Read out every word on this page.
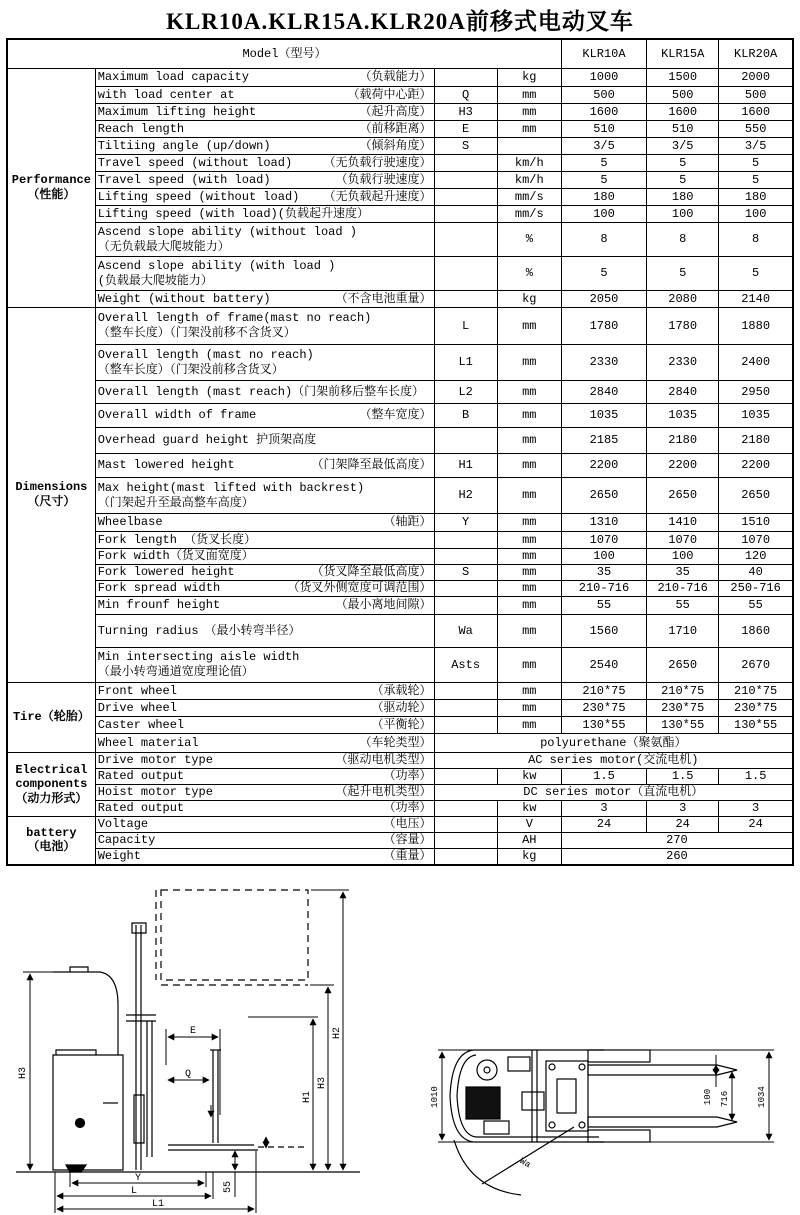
KLR10A.KLR15A.KLR20A前移式电动叉车
Model（型号）				KLR10A	KLR15A	KLR20A

Performance
（性能）

Maximum load capacity	（负载能力）		kg	1000	1500	2000

	with load center at （载荷中心距）	Q	mm	500	500	500

	Maximum lifting height （起升高度）	H3	mm	1600	1600	1600

	Reach length （前移距离）	E	mm	510	510	550

	Tiltiing angle (up/down) （倾斜角度）	S		3/5	3/5	3/5

	Travel speed (without load) （无负载行驶速度）		km/h	5	5	5

	Travel speed (with load) （负载行驶速度）		km/h	5	5	5

	Lifting speed (without load) （无负载起升速度）		mm/s	180	180	180

	Lifting speed (with load)(负载起升速度）		mm/s	100	100	100

	Ascend slope ability (without load )
（无负载最大爬坡能力）		%	8	8	8

	Ascend slope ability (with load )
(负载最大爬坡能力）		%	5	5	5

	Weight (without battery) （不含电池重量）		kg	2050	2080	2140

Dimensions
（尺寸）

Overall length of frame(mast no reach)
（整车长度）（门架没前移不含货叉）
	L	mm	1780	1780	1880

	Overall length (mast no reach)
（整车长度）（门架没前移含货叉）	L1	mm	2330	2330	2400

	Overall length (mast reach)（门架前移后整车长度）	L2	mm	2840	2840	2950

	Overall width of frame （整车宽度）	B	mm	1035	1035	1035

	Overhead guard height 护顶架高度		mm	2185	2180	2180

	Mast lowered height （门架降至最低高度）	H1	mm	2200	2200	2200

	Max height(mast lifted with backrest)
（门架起升至最高整车高度）	H2	mm	2650	2650	2650

	Wheelbase （轴距）	Y	mm	1310	1410	1510

	Fork length （货叉长度）		mm	1070	1070	1070

	Fork width（货叉面宽度）		mm	100	100	120

	Fork lowered height （货叉降至最低高度）	S	mm	35	35	40

	Fork spread width （货叉外侧宽度可调范围）		mm	210-716	210-716	250-716

	Min frounf height （最小离地间隙）		mm	55	55	55

	Turning radius　（最小转弯半径）	Wa	mm	1560	1710	1860

	Min intersecting aisle width
（最小转弯通道宽度理论值）	Asts	mm	2540	2650	2670

Tire（轮胎）	Front wheel （承载轮）		mm	210*75	210*75	210*75

	Drive wheel （驱动轮）		mm	230*75	230*75	230*75

	Caster wheel （平衡轮）		mm	130*55	130*55	130*55

	Wheel material （车轮类型）	polyurethane（聚氨酯）				

Electrical
components
（动力形式）

Drive motor type	（驱动电机类型）	AC series motor(交流电机)

	Rated output （功率）		kw	1.5	1.5	1.5

	Hoist motor type （起升电机类型）	DC series motor（直流电机）				

	Rated output （功率）		kw	3	3	3

battery
（电池）

Voltage	（电压）		V	24	24	24

	Capacity （容量）		AH	270		

	Weight （重量）		kg	260		
H3
E
Q
H1
H3
H2
Y
L
L1
55
1010	100 716	1034
Wa
